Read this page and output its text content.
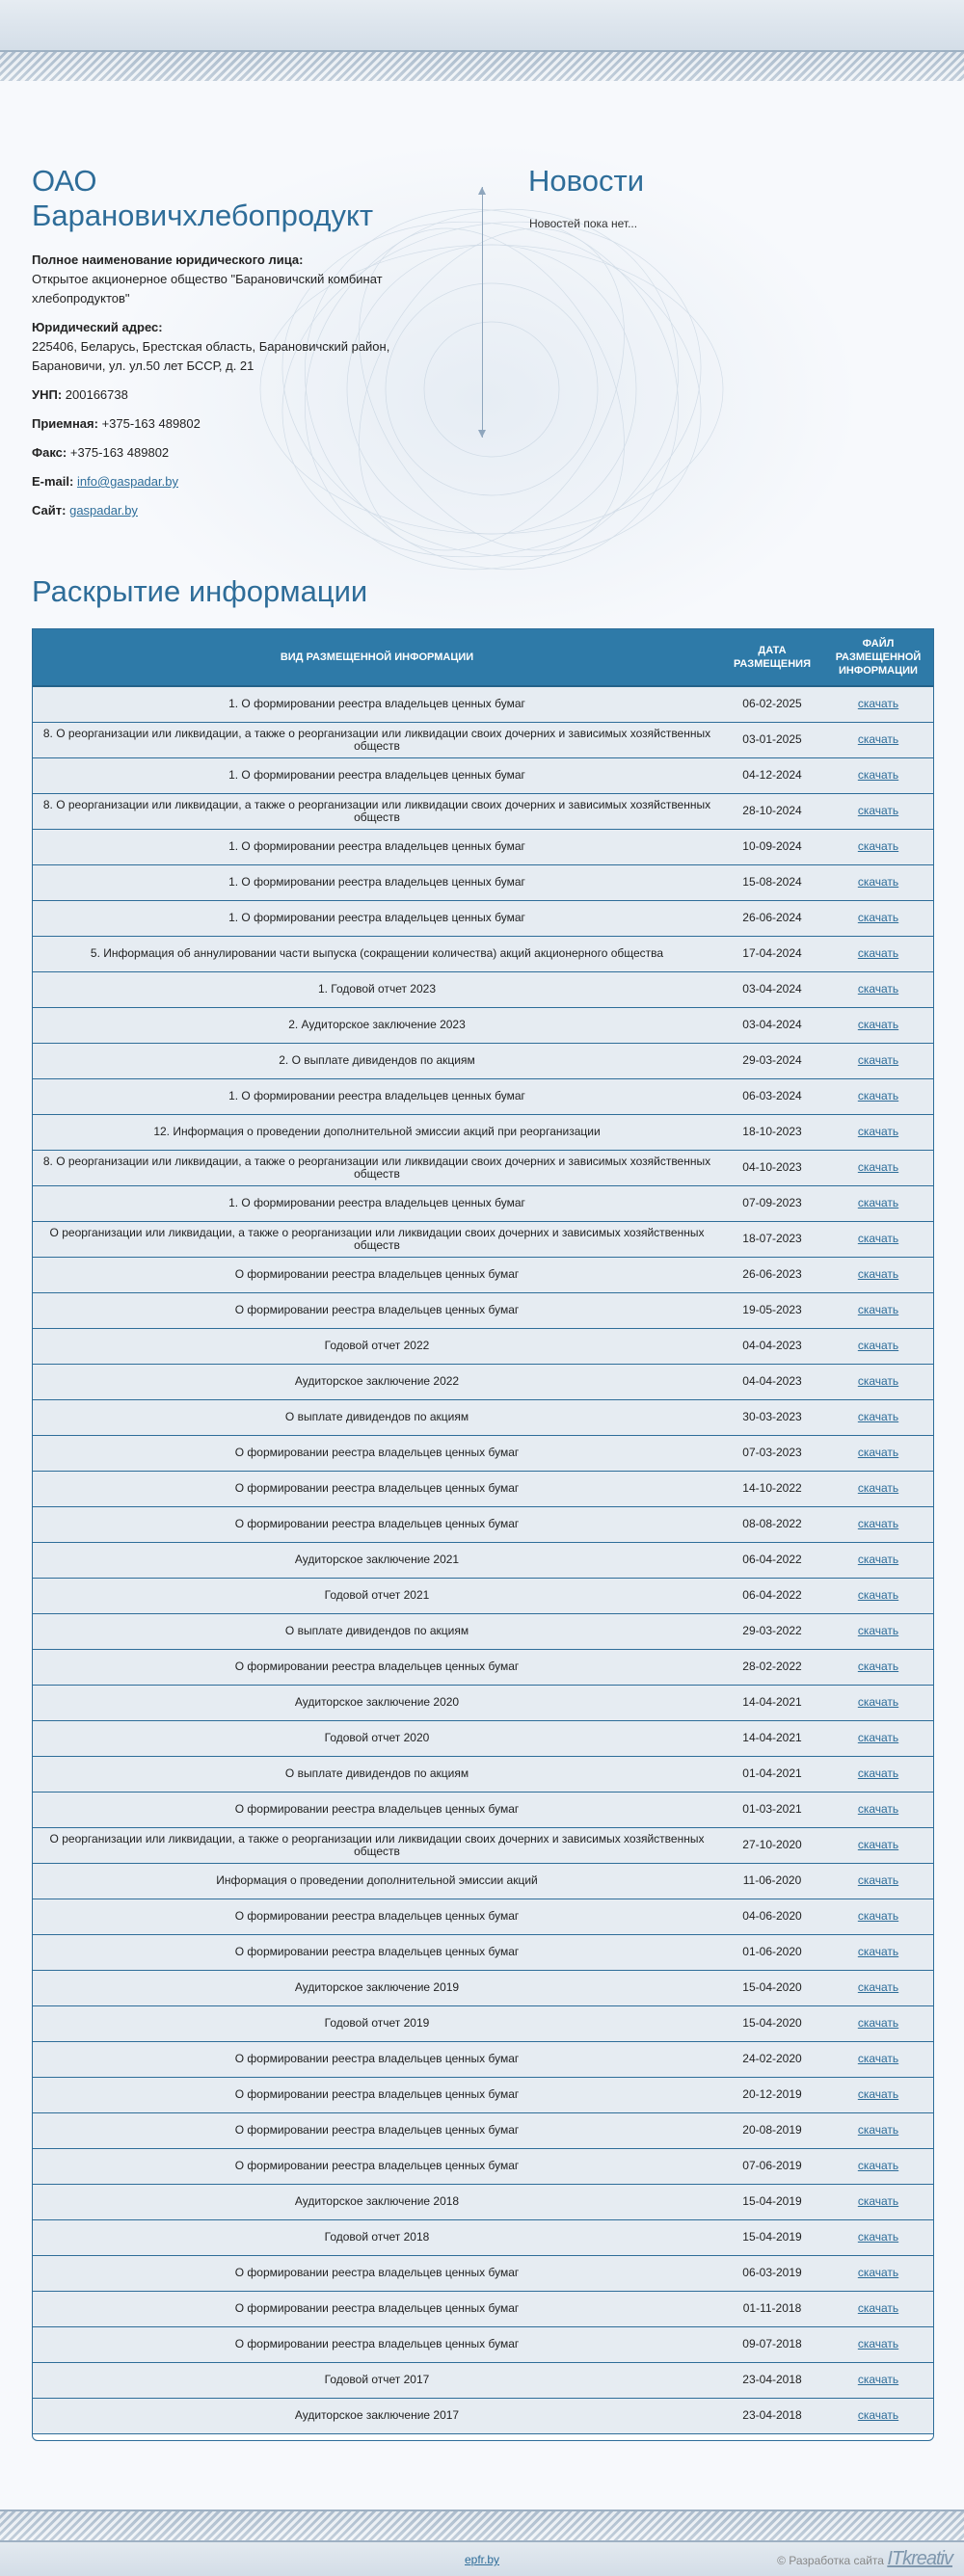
ОАО
Барановичхлебопродукт

Полное наименование юридического лица:
Открытое акционерное общество "Барановичский комбинат хлебопродуктов"

Юридический адрес:
225406, Беларусь, Брестская область, Барановичский район, Барановичи, ул. ул.50 лет БССР, д. 21

УНП: 200166738

Приемная: +375-163 489802

Факс: +375-163 489802

E-mail: info@gaspadar.by

Сайт: gaspadar.by

Новости
Новостей пока нет...
Раскрытие информации
ВИД РАЗМЕЩЕННОЙ ИНФОРМАЦИИ	ДАТА РАЗМЕЩЕНИЯ	ФАЙЛ РАЗМЕЩЕННОЙ ИНФОРМАЦИИ
1. О формировании реестра владельцев ценных бумаг	06-02-2025	скачать
8. О реорганизации или ликвидации, а также о реорганизации или ликвидации своих дочерних и зависимых хозяйственных обществ	03-01-2025	скачать
1. О формировании реестра владельцев ценных бумаг	04-12-2024	скачать
8. О реорганизации или ликвидации, а также о реорганизации или ликвидации своих дочерних и зависимых хозяйственных обществ	28-10-2024	скачать
1. О формировании реестра владельцев ценных бумаг	10-09-2024	скачать
1. О формировании реестра владельцев ценных бумаг	15-08-2024	скачать
1. О формировании реестра владельцев ценных бумаг	26-06-2024	скачать
5. Информация об аннулировании части выпуска (сокращении количества) акций акционерного общества	17-04-2024	скачать
1. Годовой отчет 2023	03-04-2024	скачать
2. Аудиторское заключение 2023	03-04-2024	скачать
2. О выплате дивидендов по акциям	29-03-2024	скачать
1. О формировании реестра владельцев ценных бумаг	06-03-2024	скачать
12. Информация о проведении дополнительной эмиссии акций при реорганизации	18-10-2023	скачать
8. О реорганизации или ликвидации, а также о реорганизации или ликвидации своих дочерних и зависимых хозяйственных обществ	04-10-2023	скачать
1. О формировании реестра владельцев ценных бумаг	07-09-2023	скачать
О реорганизации или ликвидации, а также о реорганизации или ликвидации своих дочерних и зависимых хозяйственных обществ	18-07-2023	скачать
О формировании реестра владельцев ценных бумаг	26-06-2023	скачать
О формировании реестра владельцев ценных бумаг	19-05-2023	скачать
Годовой отчет 2022	04-04-2023	скачать
Аудиторское заключение 2022	04-04-2023	скачать
О выплате дивидендов по акциям	30-03-2023	скачать
О формировании реестра владельцев ценных бумаг	07-03-2023	скачать
О формировании реестра владельцев ценных бумаг	14-10-2022	скачать
О формировании реестра владельцев ценных бумаг	08-08-2022	скачать
Аудиторское заключение 2021	06-04-2022	скачать
Годовой отчет 2021	06-04-2022	скачать
О выплате дивидендов по акциям	29-03-2022	скачать
О формировании реестра владельцев ценных бумаг	28-02-2022	скачать
Аудиторское заключение 2020	14-04-2021	скачать
Годовой отчет 2020	14-04-2021	скачать
О выплате дивидендов по акциям	01-04-2021	скачать
О формировании реестра владельцев ценных бумаг	01-03-2021	скачать
О реорганизации или ликвидации, а также о реорганизации или ликвидации своих дочерних и зависимых хозяйственных обществ	27-10-2020	скачать
Информация о проведении дополнительной эмиссии акций	11-06-2020	скачать
О формировании реестра владельцев ценных бумаг	04-06-2020	скачать
О формировании реестра владельцев ценных бумаг	01-06-2020	скачать
Аудиторское заключение 2019	15-04-2020	скачать
Годовой отчет 2019	15-04-2020	скачать
О формировании реестра владельцев ценных бумаг	24-02-2020	скачать
О формировании реестра владельцев ценных бумаг	20-12-2019	скачать
О формировании реестра владельцев ценных бумаг	20-08-2019	скачать
О формировании реестра владельцев ценных бумаг	07-06-2019	скачать
Аудиторское заключение 2018	15-04-2019	скачать
Годовой отчет 2018	15-04-2019	скачать
О формировании реестра владельцев ценных бумаг	06-03-2019	скачать
О формировании реестра владельцев ценных бумаг	01-11-2018	скачать
О формировании реестра владельцев ценных бумаг	09-07-2018	скачать
Годовой отчет 2017	23-04-2018	скачать
Аудиторское заключение 2017	23-04-2018	скачать
epfr.by	© Разработка сайта ITkreativ
